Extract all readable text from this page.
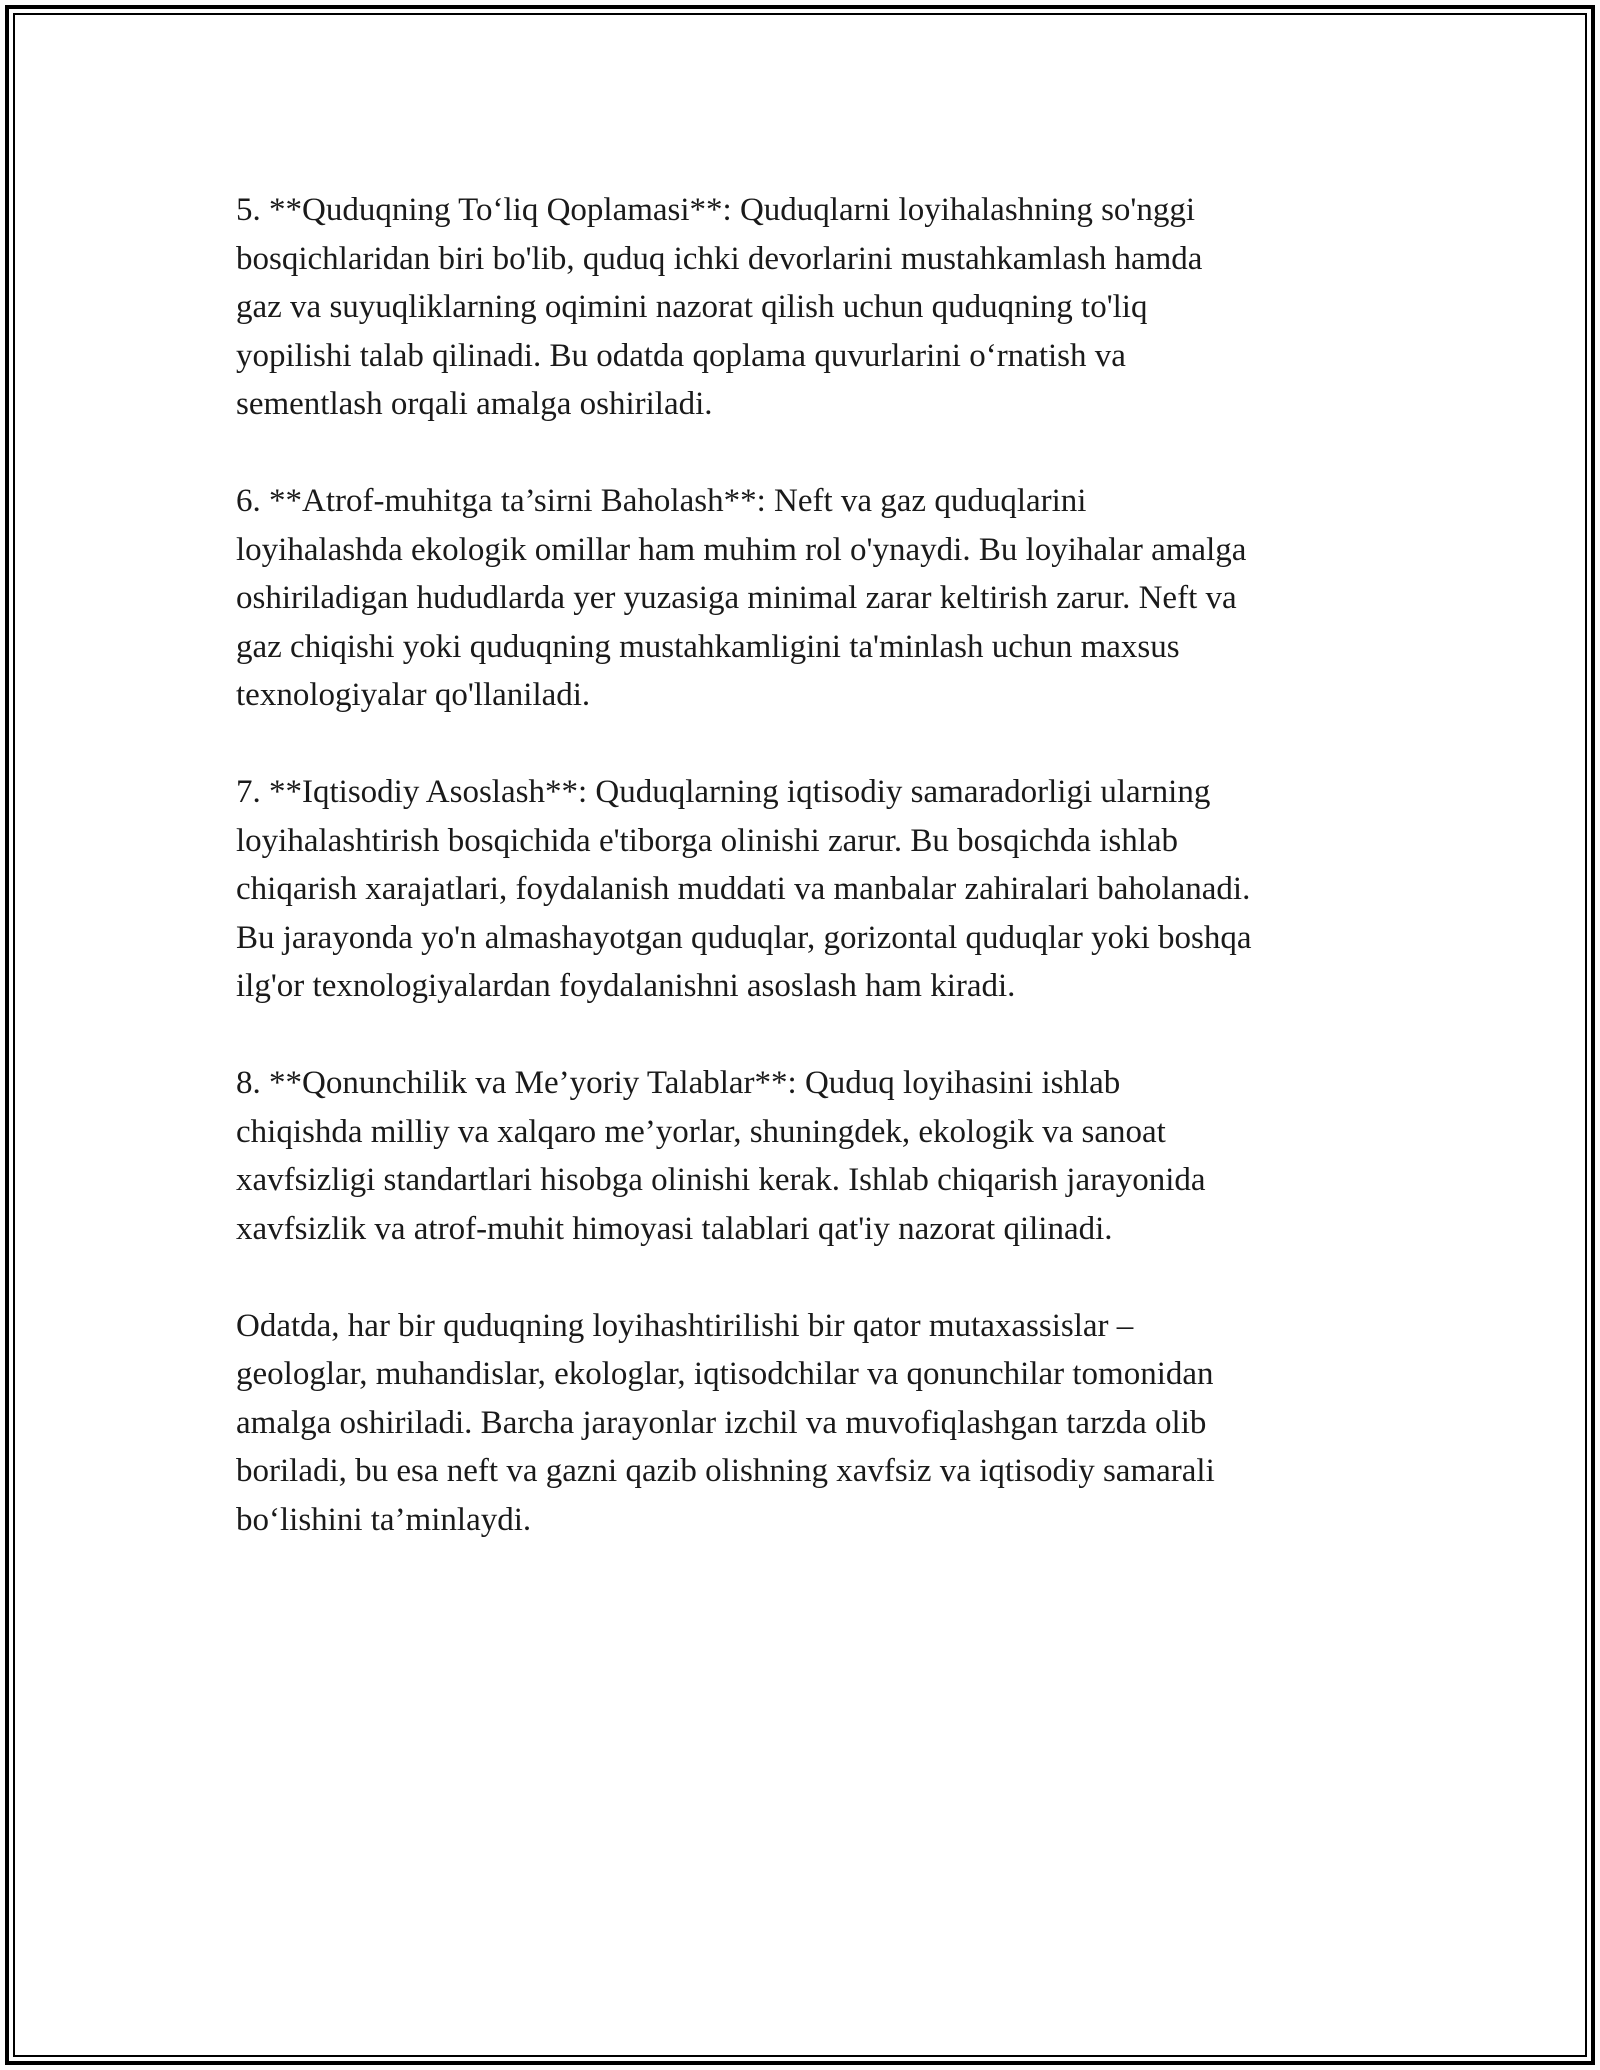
5. **Quduqning To‘liq Qoplamasi**: Quduqlarni loyihalashning so'nggi
bosqichlaridan biri bo'lib, quduq ichki devorlarini mustahkamlash hamda
gaz va suyuqliklarning oqimini nazorat qilish uchun quduqning to'liq
yopilishi talab qilinadi. Bu odatda qoplama quvurlarini o‘rnatish va
sementlash orqali amalga oshiriladi.

6. **Atrof-muhitga ta’sirni Baholash**: Neft va gaz quduqlarini
loyihalashda ekologik omillar ham muhim rol o'ynaydi. Bu loyihalar amalga
oshiriladigan hududlarda yer yuzasiga minimal zarar keltirish zarur. Neft va
gaz chiqishi yoki quduqning mustahkamligini ta'minlash uchun maxsus
texnologiyalar qo'llaniladi.

7. **Iqtisodiy Asoslash**: Quduqlarning iqtisodiy samaradorligi ularning
loyihalashtirish bosqichida e'tiborga olinishi zarur. Bu bosqichda ishlab
chiqarish xarajatlari, foydalanish muddati va manbalar zahiralari baholanadi.
Bu jarayonda yo'n almashayotgan quduqlar, gorizontal quduqlar yoki boshqa
ilg'or texnologiyalardan foydalanishni asoslash ham kiradi.

8. **Qonunchilik va Me’yoriy Talablar**: Quduq loyihasini ishlab
chiqishda milliy va xalqaro me’yorlar, shuningdek, ekologik va sanoat
xavfsizligi standartlari hisobga olinishi kerak. Ishlab chiqarish jarayonida
xavfsizlik va atrof-muhit himoyasi talablari qat'iy nazorat qilinadi.

Odatda, har bir quduqning loyihashtirilishi bir qator mutaxassislar –
geologlar, muhandislar, ekologlar, iqtisodchilar va qonunchilar tomonidan
amalga oshiriladi. Barcha jarayonlar izchil va muvofiqlashgan tarzda olib
boriladi, bu esa neft va gazni qazib olishning xavfsiz va iqtisodiy samarali
bo‘lishini ta’minlaydi.
